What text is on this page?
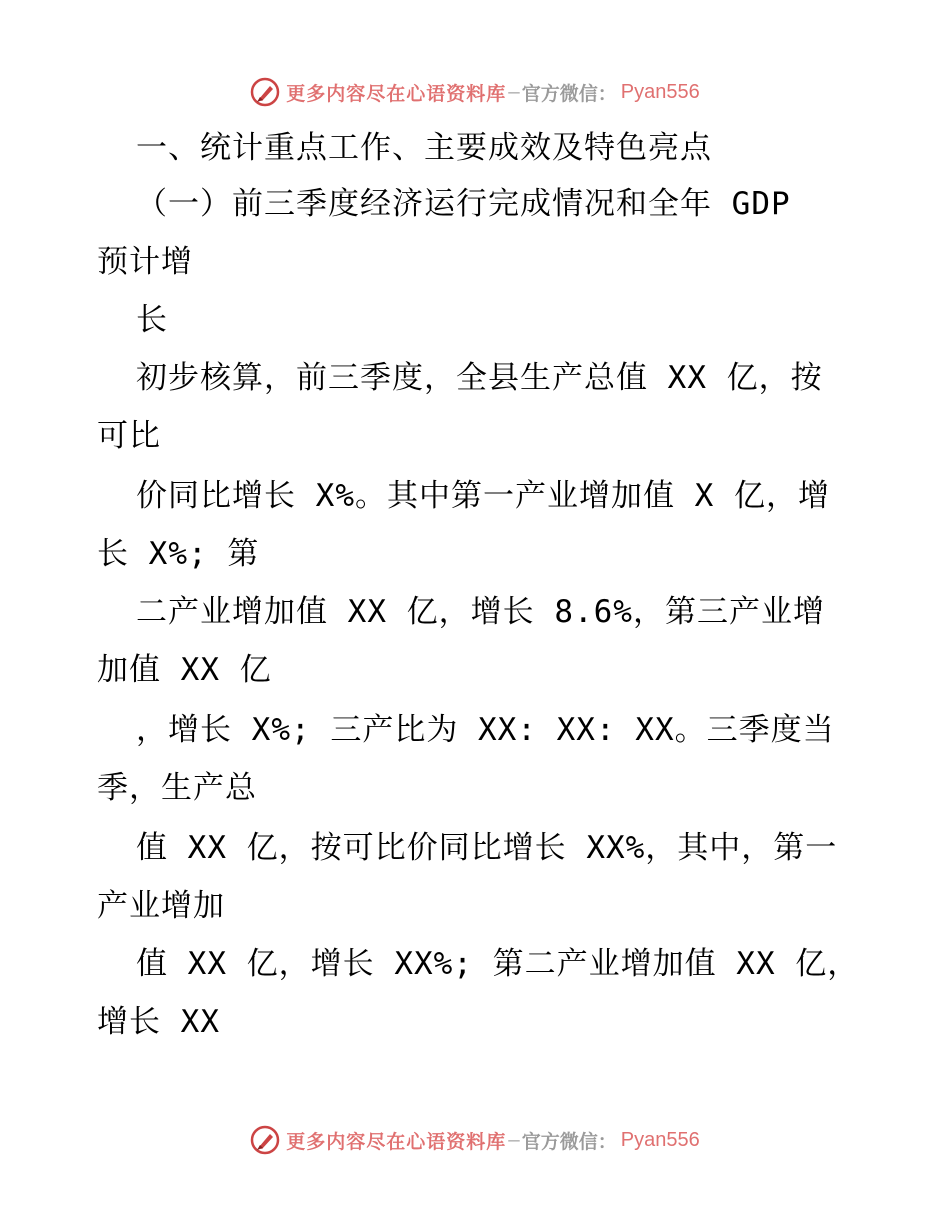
更多内容尽在心语资料库 — 官方微信： Pyan556
一、统计重点工作、主要成效及特色亮点
（一）前三季度经济运行完成情况和全年 GDP
预计增
长
初步核算，前三季度，全县生产总值 XX 亿，按
可比
价同比增长 X%。其中第一产业增加值 X 亿，增
长 X%; 第
二产业增加值 XX 亿，增长 8.6%，第三产业增
加值 XX 亿
，增长 X%; 三产比为 XX: XX: XX。三季度当
季，生产总
值 XX 亿，按可比价同比增长 XX%，其中，第一
产业增加
值 XX 亿，增长 XX%; 第二产业增加值 XX 亿，
增长 XX
更多内容尽在心语资料库 — 官方微信： Pyan556
